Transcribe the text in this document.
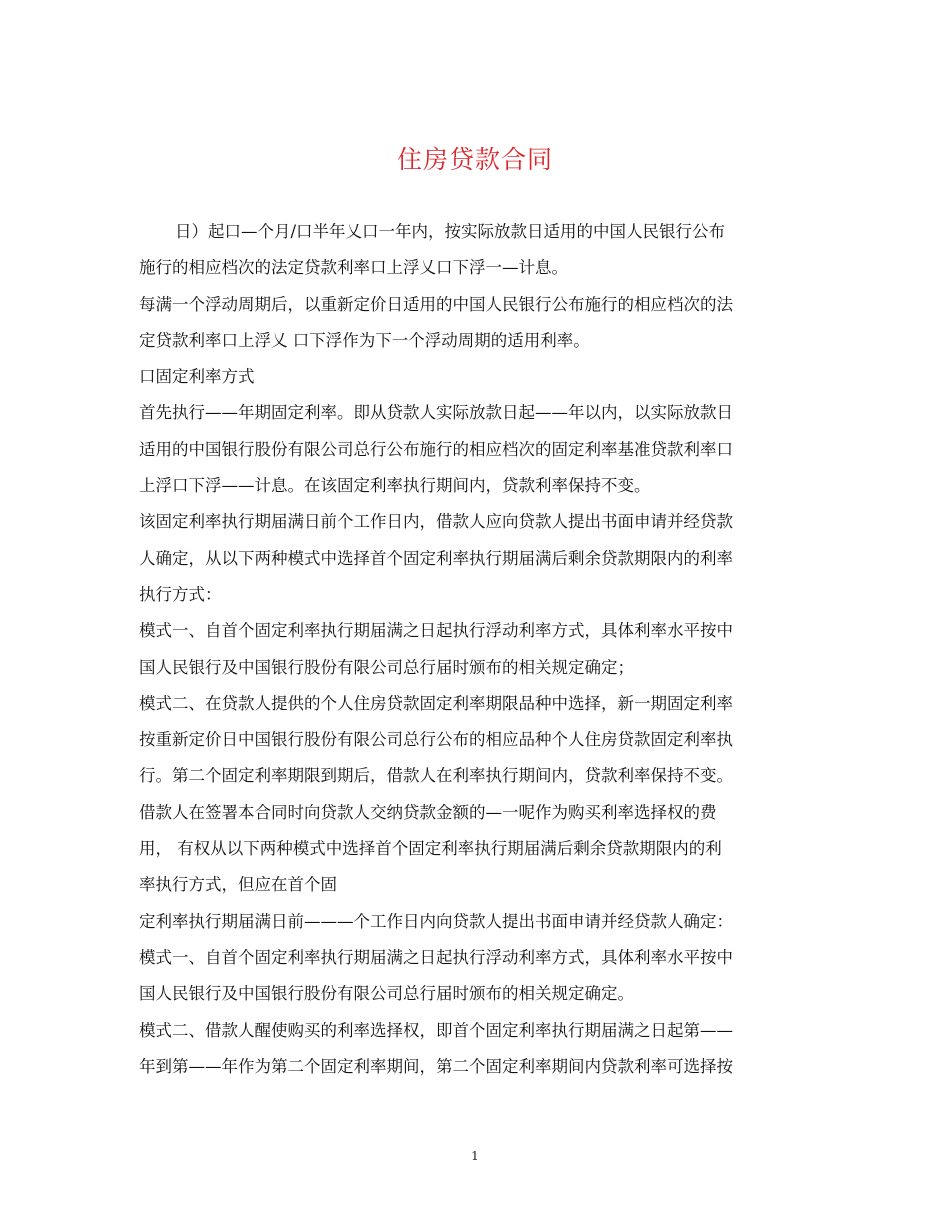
住房贷款合同
日）起口—个月/口半年乂口一年内，按实际放款日适用的中国人民银行公布
施行的相应档次的法定贷款利率口上浮乂口下浮一—计息。
每满一个浮动周期后，以重新定价日适用的中国人民银行公布施行的相应档次的法
定贷款利率口上浮乂 口下浮作为下一个浮动周期的适用利率。
口固定利率方式
首先执行——年期固定利率。即从贷款人实际放款日起——年以内，以实际放款日
适用的中国银行股份有限公司总行公布施行的相应档次的固定利率基准贷款利率口
上浮口下浮——计息。在该固定利率执行期间内，贷款利率保持不变。
该固定利率执行期届满日前个工作日内，借款人应向贷款人提出书面申请并经贷款
人确定，从以下两种模式中选择首个固定利率执行期届满后剩余贷款期限内的利率
执行方式：
模式一、自首个固定利率执行期届满之日起执行浮动利率方式，具体利率水平按中
国人民银行及中国银行股份有限公司总行届时颁布的相关规定确定；
模式二、在贷款人提供的个人住房贷款固定利率期限品种中选择，新一期固定利率
按重新定价日中国银行股份有限公司总行公布的相应品种个人住房贷款固定利率执
行。第二个固定利率期限到期后，借款人在利率执行期间内，贷款利率保持不变。
借款人在签署本合同时向贷款人交纳贷款金额的—一呢作为购买利率选择权的费
用， 有权从以下两种模式中选择首个固定利率执行期届满后剩余贷款期限内的利
率执行方式，但应在首个固
定利率执行期届满日前———个工作日内向贷款人提出书面申请并经贷款人确定：
模式一、自首个固定利率执行期届满之日起执行浮动利率方式，具体利率水平按中
国人民银行及中国银行股份有限公司总行届时颁布的相关规定确定。
模式二、借款人醒使购买的利率选择权，即首个固定利率执行期届满之日起第——
年到第——年作为第二个固定利率期间，第二个固定利率期间内贷款利率可选择按
1
